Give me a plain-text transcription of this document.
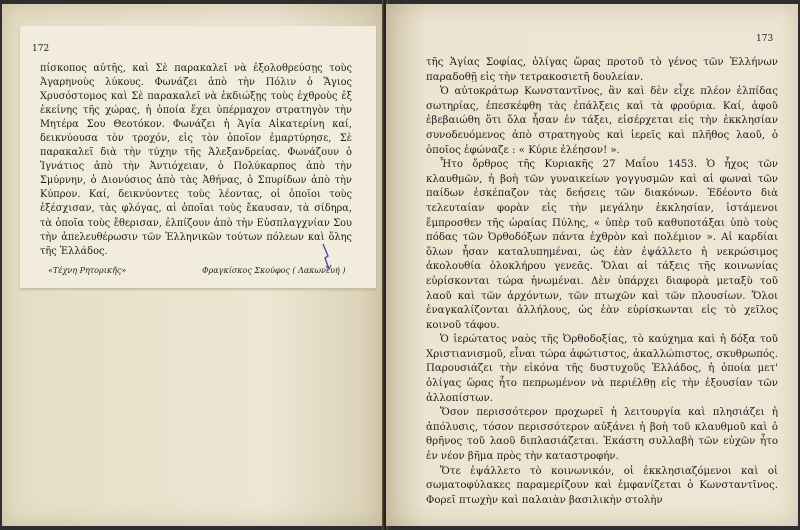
172

πίσκοπος αὐτῆς, καὶ Σὲ παρακαλεῖ νὰ ἐξολοθρεύσῃς τοὺς Ἀγαρηνοὺς λύκους. Φωνάζει ἀπὸ τὴν Πόλιν ὁ Ἅγιος Χρυσόστομος καὶ Σὲ παρακαλεῖ νὰ ἐκδιώξῃς τοὺς ἐχθροὺς ἐξ ἐκείνης τῆς χώρας, ἡ ὁποία ἔχει ὑπέρμαχον στρατηγὸν τὴν Μητέρα Σου Θεοτόκον. Φωνάζει ἡ Ἁγία Αἰκατερίνη καί, δεικνύουσα τὸν τροχόν, εἰς τὸν ὁποῖον ἐμαρτύρησε, Σὲ παρακαλεῖ διὰ τὴν τύχην τῆς Ἀλεξανδρείας. Φωνάζουν ὁ Ἰγνάτιος ἀπὸ τὴν Ἀντιόχειαν, ὁ Πολύκαρπος ἀπὸ τὴν Σμύρνην, ὁ Διονύσιος ἀπὸ τὰς Ἀθήνας, ὁ Σπυρίδων ἀπὸ τὴν Κύπρον. Καί, δεικνύοντες τοὺς λέοντας, οἱ ὁποῖοι τοὺς ἐξέσχισαν, τὰς φλόγας, αἱ ὁποῖαι τοὺς ἔκαυσαν, τὰ σίδηρα, τὰ ὁποῖα τοὺς ἔθερισαν, ἐλπίζουν ἀπὸ τὴν Εὐσπλαγχνίαν Σου τὴν ἀπελευθέρωσιν τῶν Ἑλληνικῶν τούτων πόλεων καὶ ὅλης τῆς Ἑλλάδος.

«Τέχνη Ρητορικῆς»	Φραγκίσκος Σκούφος ( Λακωνευή )
173

τῆς Ἁγίας Σοφίας, ὀλίγας ὥρας προτοῦ τὸ γένος τῶν Ἑλλήνων παραδοθῇ εἰς τὴν τετρακοσιετῆ δουλείαν.

Ὁ αὐτοκράτωρ Κωνσταντῖνος, ἂν καὶ δὲν εἶχε πλέον ἐλπίδας σωτηρίας, ἐπεσκέφθη τὰς ἐπάλξεις καὶ τὰ φρούρια. Καί, ἀφοῦ ἐβεβαιώθη ὅτι ὅλα ἦσαν ἐν τάξει, εἰσέρχεται εἰς τὴν ἐκκλησίαν συνοδευόμενος ἀπὸ στρατηγοὺς καὶ ἱερεῖς καὶ πλῆθος λαοῦ, ὁ ὁποῖος ἐφώναζε : « Κύριε ἐλέησον! ».

Ἦτο ὄρθρος τῆς Κυριακῆς 27 Μαΐου 1453. Ὁ ἦχος τῶν κλαυθμῶν, ἡ βοὴ τῶν γυναικείων γογγυσμῶν καὶ αἱ φωναὶ τῶν παίδων ἐσκέπαζον τὰς δεήσεις τῶν διακόνων. Ἐδέοντο διὰ τελευταίαν φορὰν εἰς τὴν μεγάλην ἐκκλησίαν, ἱστάμενοι ἔμπροσθεν τῆς ὡραίας Πύλης, « ὑπὲρ τοῦ καθυποτάξαι ὑπὸ τοὺς πόδας τῶν Ὀρθοδόξων πάντα ἐχθρὸν καὶ πολέμιον ». Αἱ καρδίαι ὅλων ἦσαν καταλυπημέναι, ὡς ἐὰν ἐψάλλετο ἡ νεκρώσιμος ἀκολουθία ὁλοκλήρου γενεᾶς. Ὅλαι αἱ τάξεις τῆς κοινωνίας εὑρίσκονται τώρα ἡνωμέναι. Δὲν ὑπάρχει διαφορὰ μεταξὺ τοῦ λαοῦ καὶ τῶν ἀρχόντων, τῶν πτωχῶν καὶ τῶν πλουσίων. Ὅλοι ἐναγκαλίζονται ἀλλήλους, ὡς ἐὰν εὑρίσκωνται εἰς τὸ χεῖλος κοινοῦ τάφου.

Ὁ ἱερώτατος ναὸς τῆς Ὀρθοδοξίας, τὸ καύχημα καὶ ἡ δόξα τοῦ Χριστιανισμοῦ, εἶναι τώρα ἀφώτιστος, ἀκαλλώπιστος, σκυθρωπός. Παρουσιάζει τὴν εἰκόνα τῆς δυστυχοῦς Ἑλλάδος, ἡ ὁποία μετ' ὀλίγας ὥρας ἦτο πεπρωμένον νὰ περιέλθῃ εἰς τὴν ἐξουσίαν τῶν ἀλλοπίστων.

Ὅσον περισσότερον προχωρεῖ ἡ λειτουργία καὶ πλησιάζει ἡ ἀπόλυσις, τόσον περισσότερον αὐξάνει ἡ βοὴ τοῦ κλαυθμοῦ καὶ ὁ θρῆνος τοῦ λαοῦ διπλασιάζεται. Ἑκάστη συλλαβὴ τῶν εὐχῶν ἦτο ἐν νέον βῆμα πρὸς τὴν καταστροφήν.

Ὅτε ἐψάλλετο τὸ κοινωνικόν, οἱ ἐκκλησιαζόμενοι καὶ οἱ σωματοφύλακες παραμερίζουν καὶ ἐμφανίζεται ὁ Κωνσταντῖνος. Φορεῖ πτωχὴν καὶ παλαιὰν βασιλικὴν στολὴν
